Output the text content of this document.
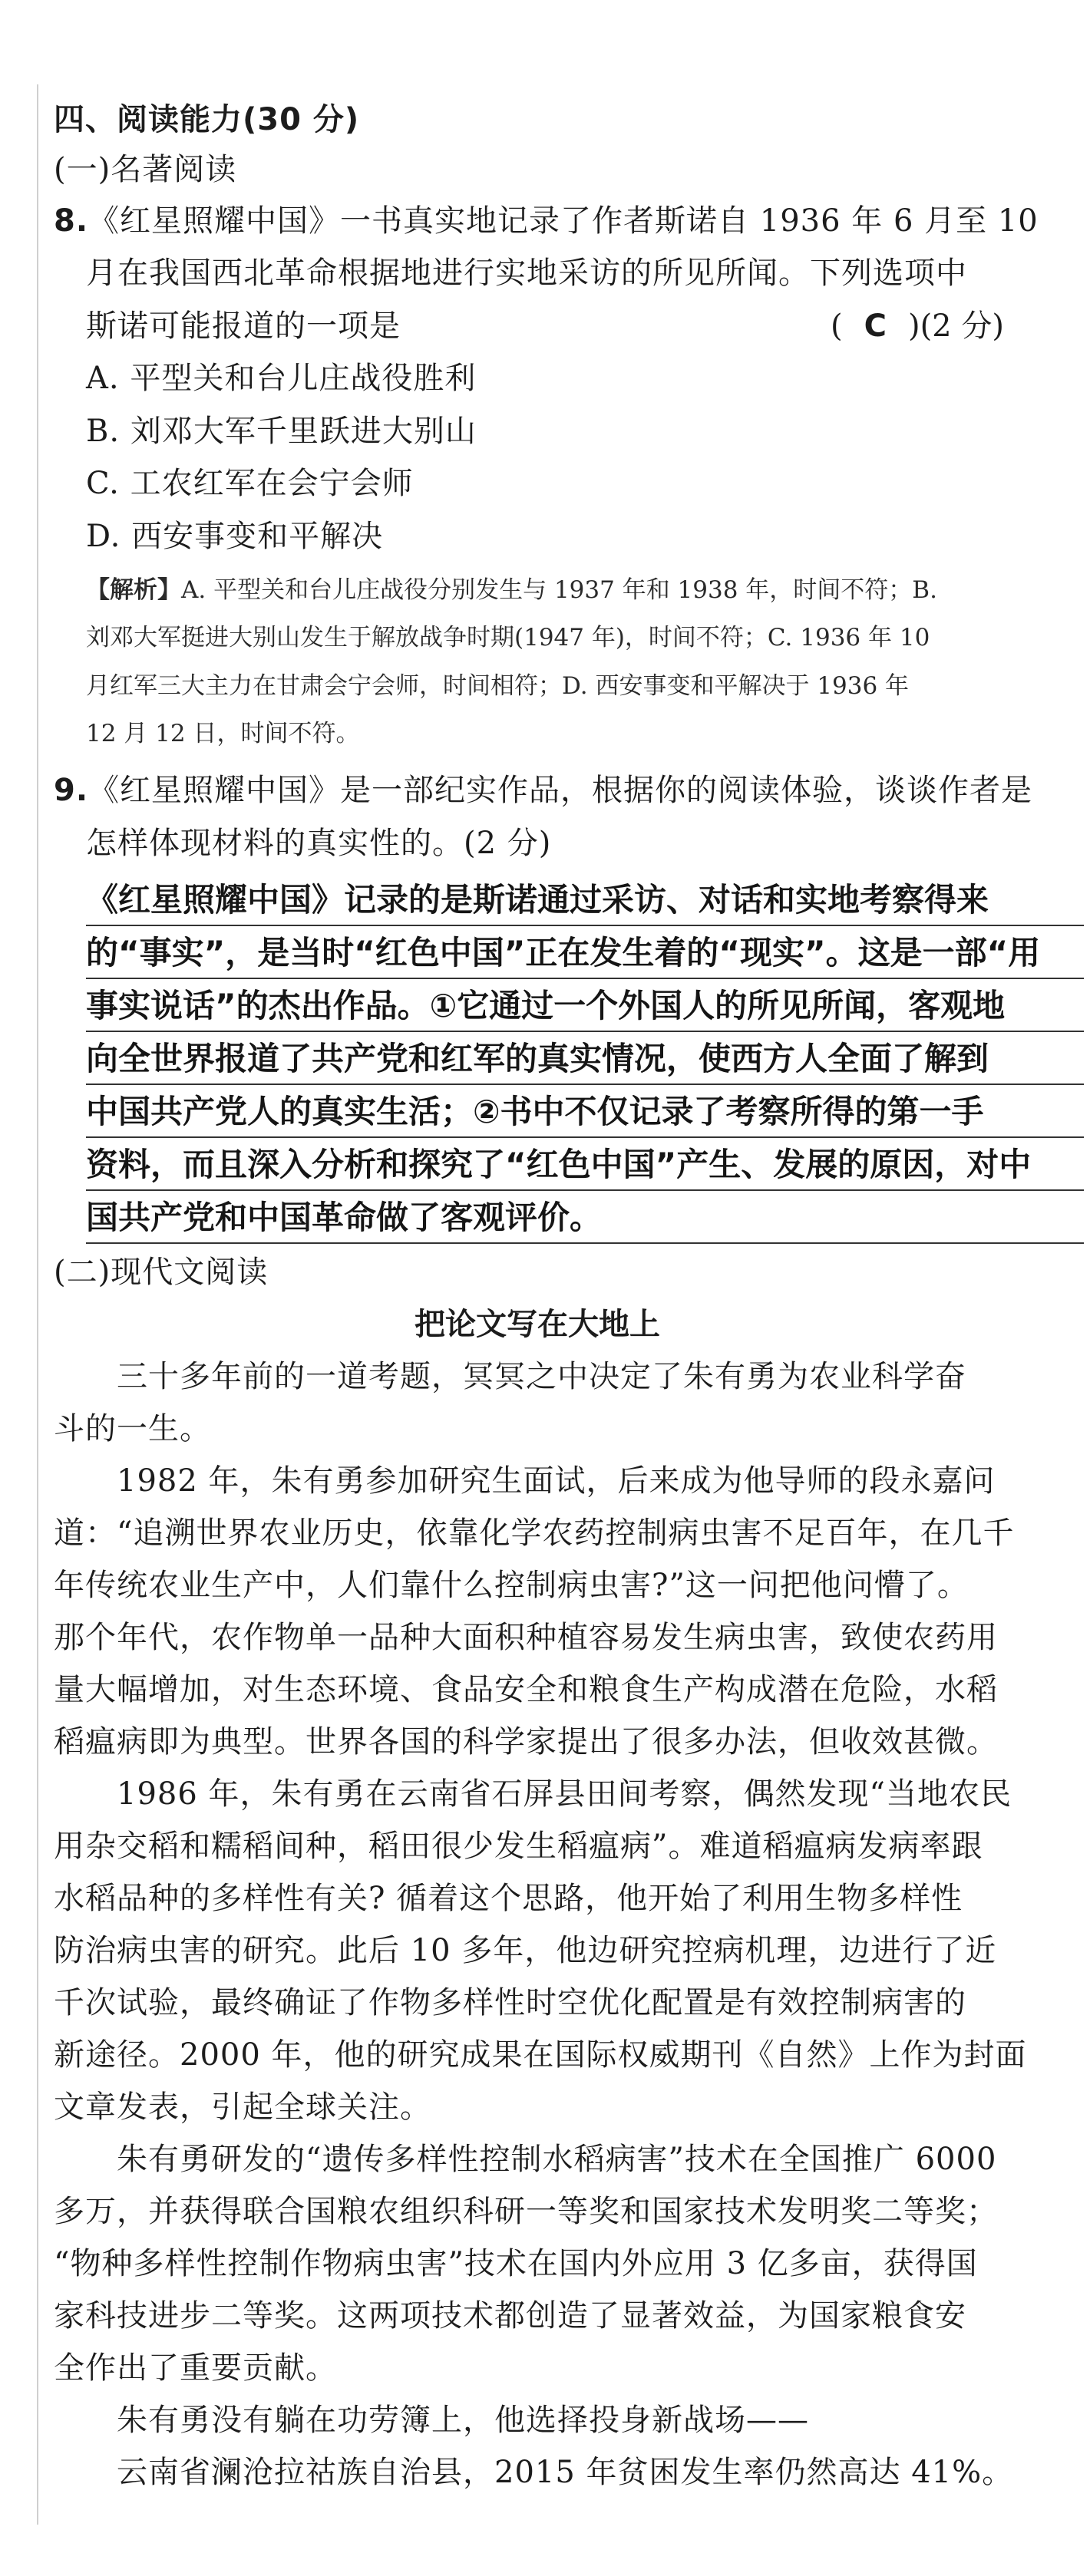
四、阅读能力(30 分)
(一)名著阅读
8.《红星照耀中国》一书真实地记录了作者斯诺自 1936 年 6 月至 10
月在我国西北革命根据地进行实地采访的所见所闻。下列选项中
斯诺可能报道的一项是	( C )(2 分)
A. 平型关和台儿庄战役胜利
B. 刘邓大军千里跃进大别山
C. 工农红军在会宁会师
D. 西安事变和平解决
【解析】A. 平型关和台儿庄战役分别发生与 1937 年和 1938 年，时间不符；B.
刘邓大军挺进大别山发生于解放战争时期(1947 年)，时间不符；C. 1936 年 10
月红军三大主力在甘肃会宁会师，时间相符；D. 西安事变和平解决于 1936 年
12 月 12 日，时间不符。
9.《红星照耀中国》是一部纪实作品，根据你的阅读体验，谈谈作者是
怎样体现材料的真实性的。(2 分)
《红星照耀中国》记录的是斯诺通过采访、对话和实地考察得来
的“事实”，是当时“红色中国”正在发生着的“现实”。这是一部“用
事实说话”的杰出作品。①它通过一个外国人的所见所闻，客观地
向全世界报道了共产党和红军的真实情况，使西方人全面了解到
中国共产党人的真实生活；②书中不仅记录了考察所得的第一手
资料，而且深入分析和探究了“红色中国”产生、发展的原因，对中
国共产党和中国革命做了客观评价。
(二)现代文阅读
把论文写在大地上
三十多年前的一道考题，冥冥之中决定了朱有勇为农业科学奋
斗的一生。
1982 年，朱有勇参加研究生面试，后来成为他导师的段永嘉问
道：“追溯世界农业历史，依靠化学农药控制病虫害不足百年，在几千
年传统农业生产中，人们靠什么控制病虫害?”这一问把他问懵了。
那个年代，农作物单一品种大面积种植容易发生病虫害，致使农药用
量大幅增加，对生态环境、食品安全和粮食生产构成潜在危险，水稻
稻瘟病即为典型。世界各国的科学家提出了很多办法，但收效甚微。
1986 年，朱有勇在云南省石屏县田间考察，偶然发现“当地农民
用杂交稻和糯稻间种，稻田很少发生稻瘟病”。难道稻瘟病发病率跟
水稻品种的多样性有关? 循着这个思路，他开始了利用生物多样性
防治病虫害的研究。此后 10 多年，他边研究控病机理，边进行了近
千次试验，最终确证了作物多样性时空优化配置是有效控制病害的
新途径。2000 年，他的研究成果在国际权威期刊《自然》上作为封面
文章发表，引起全球关注。
朱有勇研发的“遗传多样性控制水稻病害”技术在全国推广 6000
多万，并获得联合国粮农组织科研一等奖和国家技术发明奖二等奖；
“物种多样性控制作物病虫害”技术在国内外应用 3 亿多亩，获得国
家科技进步二等奖。这两项技术都创造了显著效益，为国家粮食安
全作出了重要贡献。
朱有勇没有躺在功劳簿上，他选择投身新战场——
云南省澜沧拉祜族自治县，2015 年贫困发生率仍然高达 41%。
